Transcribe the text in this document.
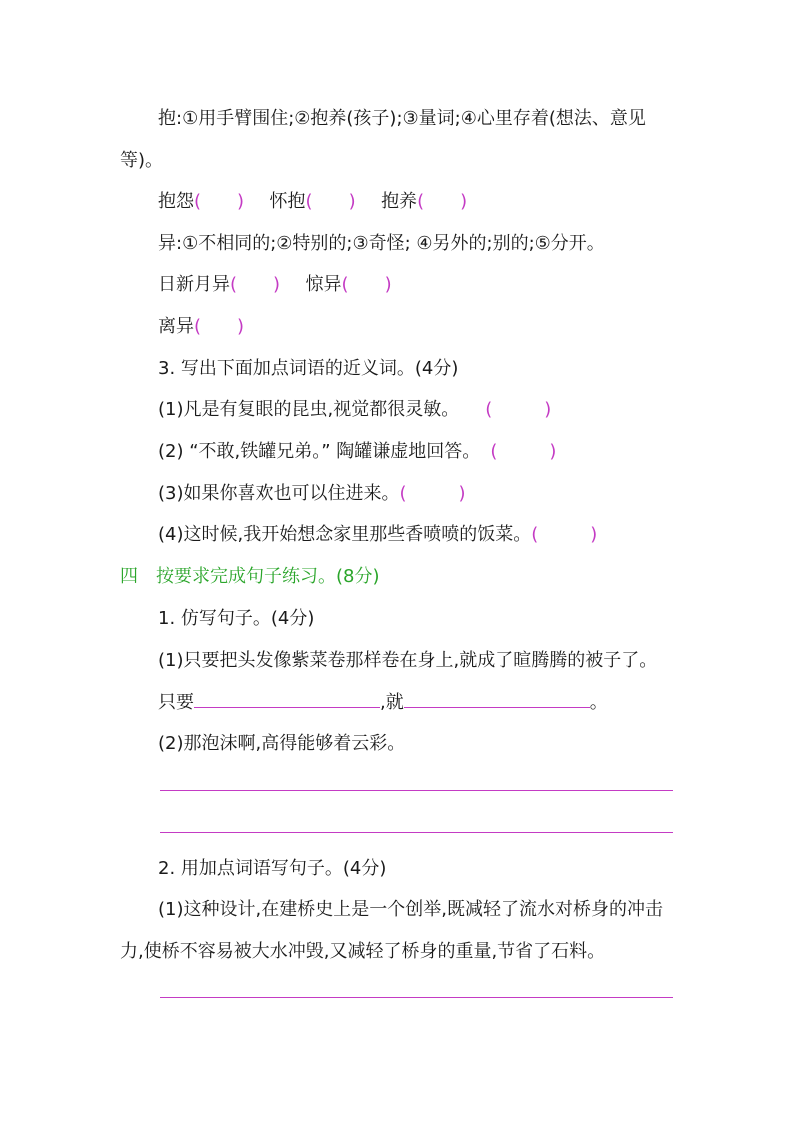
抱:①用手臂围住;②抱养(孩子);③量词;④心里存着(想法、意见
等)。
抱怨( ) 怀抱( ) 抱养( )
异:①不相同的;②特别的;③奇怪; ④另外的;别的;⑤分开。
日新月异( ) 惊异( )
离异( )
3. 写出下面加点词语的近义词。(4分)
(1)凡是有复眼的昆虫,视觉都很灵敏。 (	)
(2) “不敢,铁罐兄弟。” 陶罐谦虚地回答。 (	)
(3)如果你喜欢也可以住进来。(	)
(4)这时候,我开始想念家里那些香喷喷的饭菜。(	)
四　按要求完成句子练习。(8分)
1. 仿写句子。(4分)
(1)只要把头发像紫菜卷那样卷在身上,就成了暄腾腾的被子了。
只要	,就	。
(2)那泡沫啊,高得能够着云彩。
2. 用加点词语写句子。(4分)
(1)这种设计,在建桥史上是一个创举,既减轻了流水对桥身的冲击
力,使桥不容易被大水冲毁,又减轻了桥身的重量,节省了石料。
